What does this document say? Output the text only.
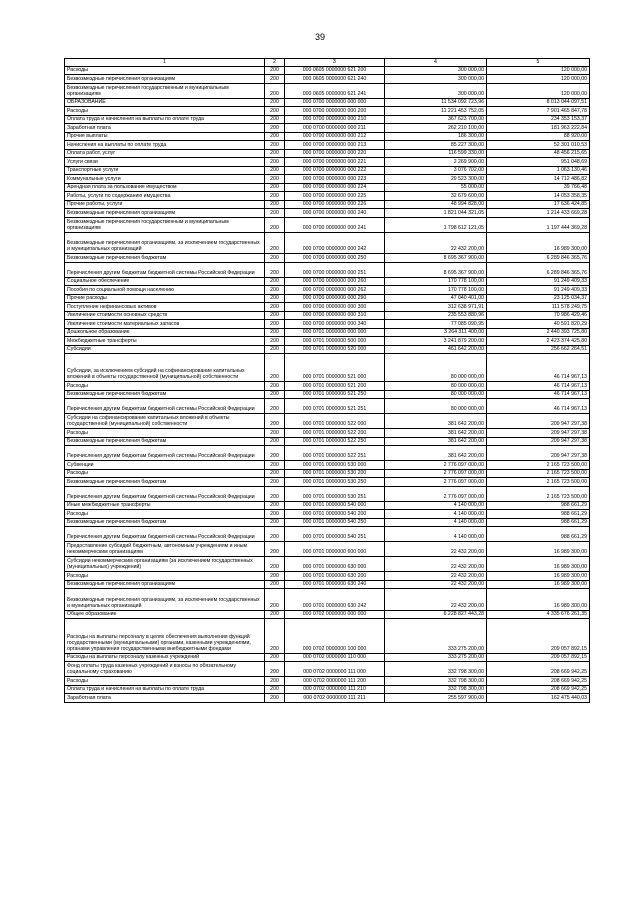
39
1	2	3	4	5
Расходы	200	000 0605 0000000 621 200	300 000,00	120 000,00
Безвозмездные перечисления организациям	200	000 0605 0000000 621 240	300 000,00	120 000,00
Безвозмездные перечисления государственным и муниципальным организациям	200	000 0605 0000000 621 241	300 000,00	120 000,00
ОБРАЗОВАНИЕ	200	000 0700 0000000 000 000	11 534 092 723,96	8 013 044 097,51
Расходы	200	000 0700 0000000 000 200	11 221 453 752,05	7 901 465 847,78
Оплата труда и начисления на выплаты по оплате труда	200	000 0700 0000000 000 210	367 623 700,00	234 353 153,37
Заработная плата	200	000 0700 0000000 000 211	262 210 100,00	181 963 222,84
Прочие выплаты	200	000 0700 0000000 000 212	186 300,00	88 920,00
Начисления на выплаты по оплате труда	200	000 0700 0000000 000 213	85 227 300,00	52 301 010,53
Оплата работ, услуг	200	000 0700 0000000 000 220	116 599 330,00	48 456 215,65
Услуги связи	200	000 0700 0000000 000 221	2 269 900,00	951 048,69
Транспортные услуги	200	000 0700 0000000 000 222	3 076 702,00	1 063 130,46
Коммунальные услуги	200	000 0700 0000000 000 223	29 523 300,00	14 712 486,82
Арендная плата за пользование имуществом	200	000 0700 0000000 000 224	55 000,00	39 766,48
Работы, услуги по содержанию имущества	200	000 0700 0000000 000 225	32 679 600,00	14 053 358,35
Прочие работы, услуги	200	000 0700 0000000 000 226	48 994 828,00	17 636 424,85
Безвозмездные перечисления организациям	200	000 0700 0000000 000 240	1 821 044 321,05	1 214 433 669,28
Безвозмездные перечисления государственным и муниципальным организациям	200	000 0700 0000000 000 241	1 798 612 121,05	1 197 444 369,28
Безвозмездные перечисления организациям, за исключением государственных и муниципальных организаций	200	000 0700 0000000 000 242	22 432 200,00	16 989 300,00
Безвозмездные перечисления бюджетам	200	000 0700 0000000 000 250	8 695 367 900,00	6 289 846 365,76
Перечисления другим бюджетам бюджетной системы Российской Федерации	200	000 0700 0000000 000 251	8 695 367 900,00	6 289 846 365,76
Социальное обеспечение	200	000 0700 0000000 000 260	170 778 100,00	91 249 409,33
Пособия по социальной помощи населению	200	000 0700 0000000 000 262	170 778 100,00	91 249 409,33
Прочие расходы	200	000 0700 0000000 000 290	47 040 401,00	23 125 034,37
Поступление нефинансовых активов	200	000 0700 0000000 000 300	312 638 971,91	111 578 249,75
Увеличение стоимости основных средств	200	000 0700 0000000 000 310	235 553 880,96	70 986 429,46
Увеличение стоимости материальных запасов	200	000 0700 0000000 000 340	77 085 090,95	40 591 820,29
Дошкольное образование	200	000 0701 0000000 000 000	3 264 311 400,00	2 440 393 725,80
Межбюджетные трансферты	200	000 0701 0000000 500 000	3 241 879 200,00	2 423 374 425,80
Субсидии	200	000 0701 0000000 520 000	461 642 200,00	256 662 264,51
Субсидии, за исключением субсидий на софинансирование капитальных вложений в объекты государственной (муниципальной) собственности	200	000 0701 0000000 521 000	80 000 000,00	46 714 967,13
Расходы	200	000 0701 0000000 521 200	80 000 000,00	46 714 967,13
Безвозмездные перечисления бюджетам	200	000 0701 0000000 521 250	80 000 000,00	46 714 967,13
Перечисления другим бюджетам бюджетной системы Российской Федерации	200	000 0701 0000000 521 251	80 000 000,00	46 714 967,13
Субсидии на софинансирование капитальных вложений в объекты государственной (муниципальной) собственности	200	000 0701 0000000 522 000	381 642 200,00	209 947 297,38
Расходы	200	000 0701 0000000 522 200	381 642 200,00	209 947 297,38
Безвозмездные перечисления бюджетам	200	000 0701 0000000 522 250	381 642 200,00	209 947 297,38
Перечисления другим бюджетам бюджетной системы Российской Федерации	200	000 0701 0000000 522 251	381 642 200,00	209 947 297,38
Субвенции	200	000 0701 0000000 530 000	2 776 097 000,00	2 165 723 500,00
Расходы	200	000 0701 0000000 530 200	2 776 097 000,00	2 165 723 500,00
Безвозмездные перечисления бюджетам	200	000 0701 0000000 530 250	2 776 097 000,00	2 165 723 500,00
Перечисления другим бюджетам бюджетной системы Российской Федерации	200	000 0701 0000000 530 251	2 776 097 000,00	2 165 723 500,00
Иные межбюджетные трансферты	200	000 0701 0000000 540 000	4 140 000,00	988 661,29
Расходы	200	000 0701 0000000 540 200	4 140 000,00	988 661,29
Безвозмездные перечисления бюджетам	200	000 0701 0000000 540 250	4 140 000,00	988 661,29
Перечисления другим бюджетам бюджетной системы Российской Федерации	200	000 0701 0000000 540 251	4 140 000,00	988 661,29
Предоставление субсидий бюджетным, автономным учреждениям и иным некоммерческим организациям	200	000 0701 0000000 600 000	22 432 200,00	16 989 300,00
Субсидии некоммерческим организациям (за исключением государственных (муниципальных) учреждений)	200	000 0701 0000000 630 000	22 432 200,00	16 989 300,00
Расходы	200	000 0701 0000000 630 200	22 432 200,00	16 989 300,00
Безвозмездные перечисления организациям	200	000 0701 0000000 630 240	22 432 200,00	16 989 300,00
Безвозмездные перечисления организациям, за исключением государственных и муниципальных организаций	200	000 0701 0000000 630 242	22 432 200,00	16 989 300,00
Общее образование	200	000 0702 0000000 000 000	6 228 827 443,28	4 335 676 261,35
Расходы на выплаты персоналу в целях обеспечения выполнения функций государственными (муниципальными) органами, казенными учреждениями, органами управления государственными внебюджетными фондами	200	000 0702 0000000 100 000	333 275 200,00	209 057 892,15
Расходы на выплаты персоналу казенных учреждений	200	000 0702 0000000 110 000	333 275 200,00	209 057 892,15
Фонд оплаты труда казенных учреждений и взносы по обязательному социальному страхованию	200	000 0702 0000000 111 000	332 798 300,00	208 669 942,25
Расходы	200	000 0702 0000000 111 200	332 798 300,00	208 669 942,25
Оплата труда и начисления на выплаты по оплате труда	200	000 0702 0000000 111 210	332 798 300,00	208 669 942,25
Заработная плата	200	000 0702 0000000 111 211	255 597 900,00	162 475 440,03
